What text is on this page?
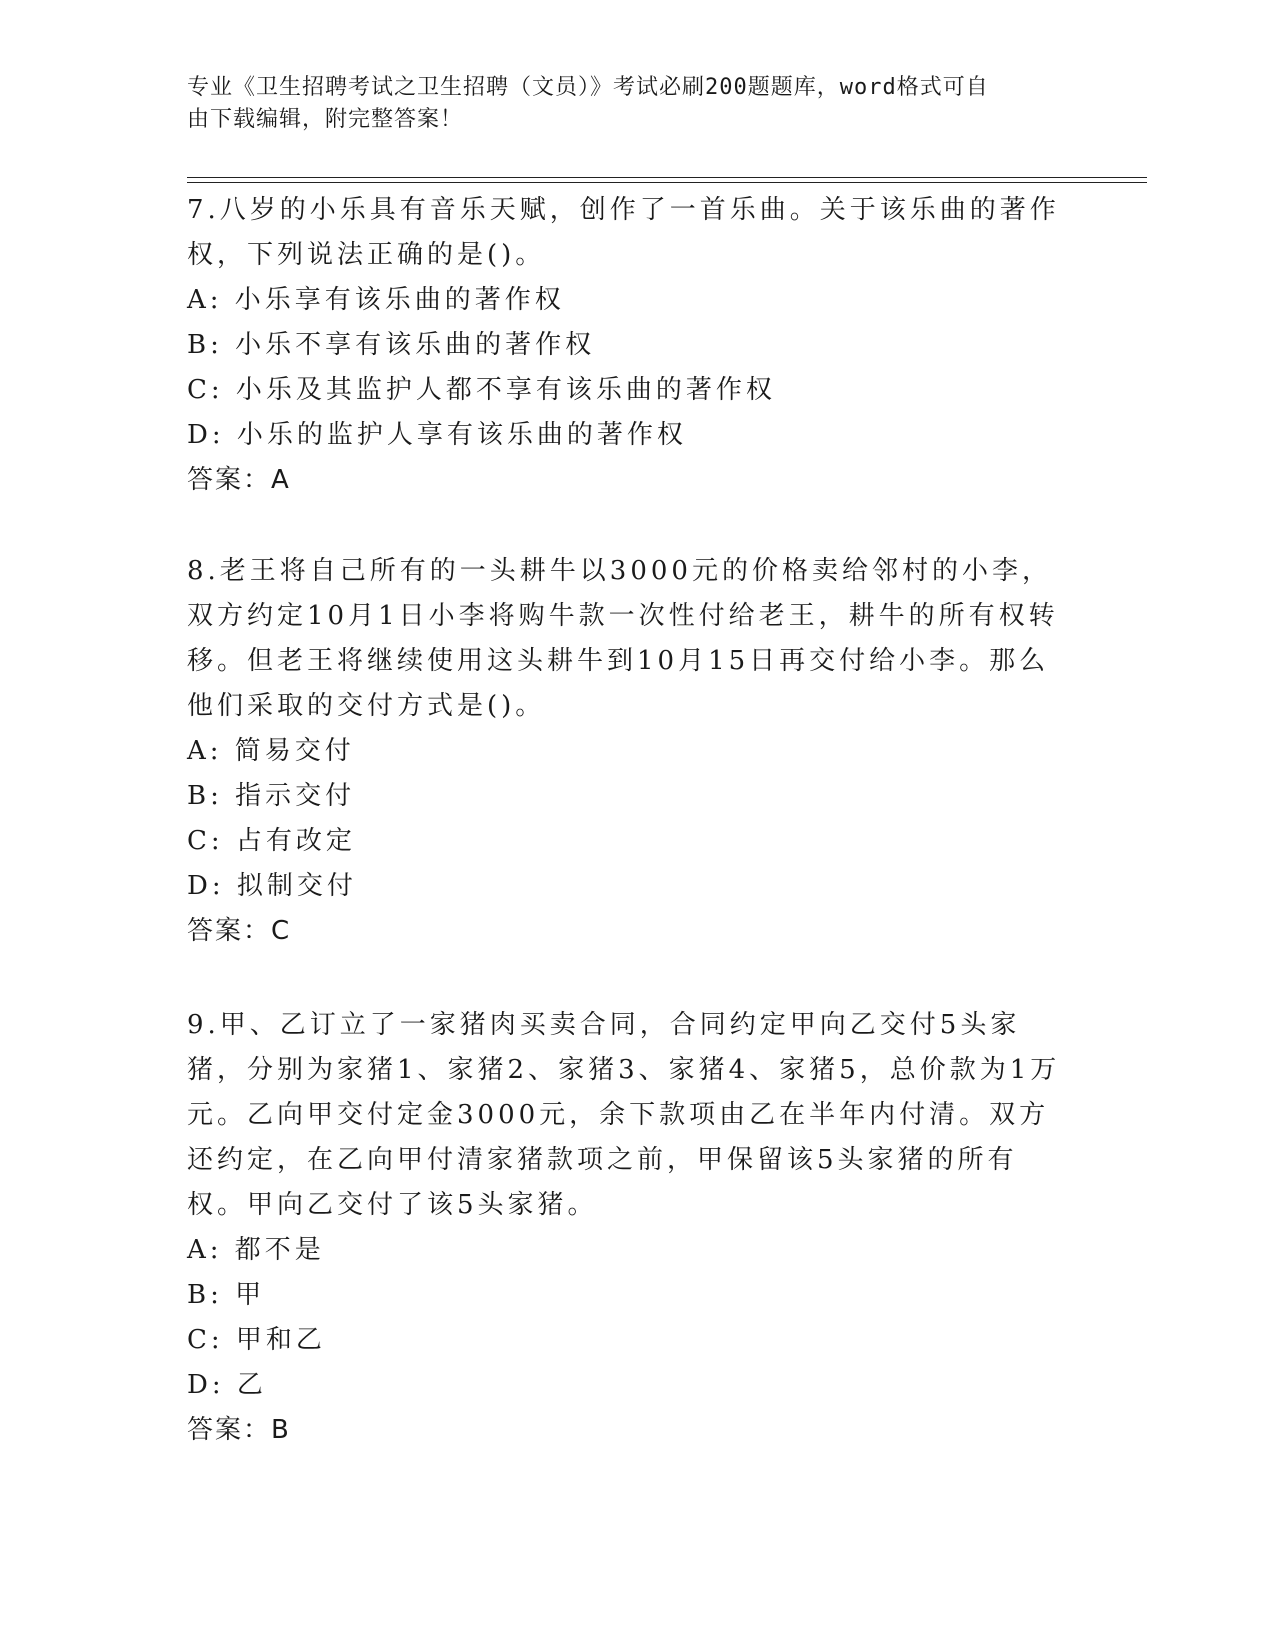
专业《卫生招聘考试之卫生招聘（文员）》考试必刷200题题库，word格式可自
由下载编辑，附完整答案！

7.八岁的小乐具有音乐天赋，创作了一首乐曲。关于该乐曲的著作权，下列说法正确的是()。

A: 小乐享有该乐曲的著作权

B: 小乐不享有该乐曲的著作权

C: 小乐及其监护人都不享有该乐曲的著作权

D: 小乐的监护人享有该乐曲的著作权

答案：A

8.老王将自己所有的一头耕牛以3000元的价格卖给邻村的小李，双方约定10月1日小李将购牛款一次性付给老王，耕牛的所有权转移。但老王将继续使用这头耕牛到10月15日再交付给小李。那么他们采取的交付方式是()。

A: 简易交付

B: 指示交付

C: 占有改定

D: 拟制交付

答案：C

9.甲、乙订立了一家猪肉买卖合同，合同约定甲向乙交付5头家猪，分别为家猪1、家猪2、家猪3、家猪4、家猪5，总价款为1万元。乙向甲交付定金3000元，余下款项由乙在半年内付清。双方还约定，在乙向甲付清家猪款项之前，甲保留该5头家猪的所有权。甲向乙交付了该5头家猪。

A: 都不是

B: 甲

C: 甲和乙

D: 乙

答案：B
